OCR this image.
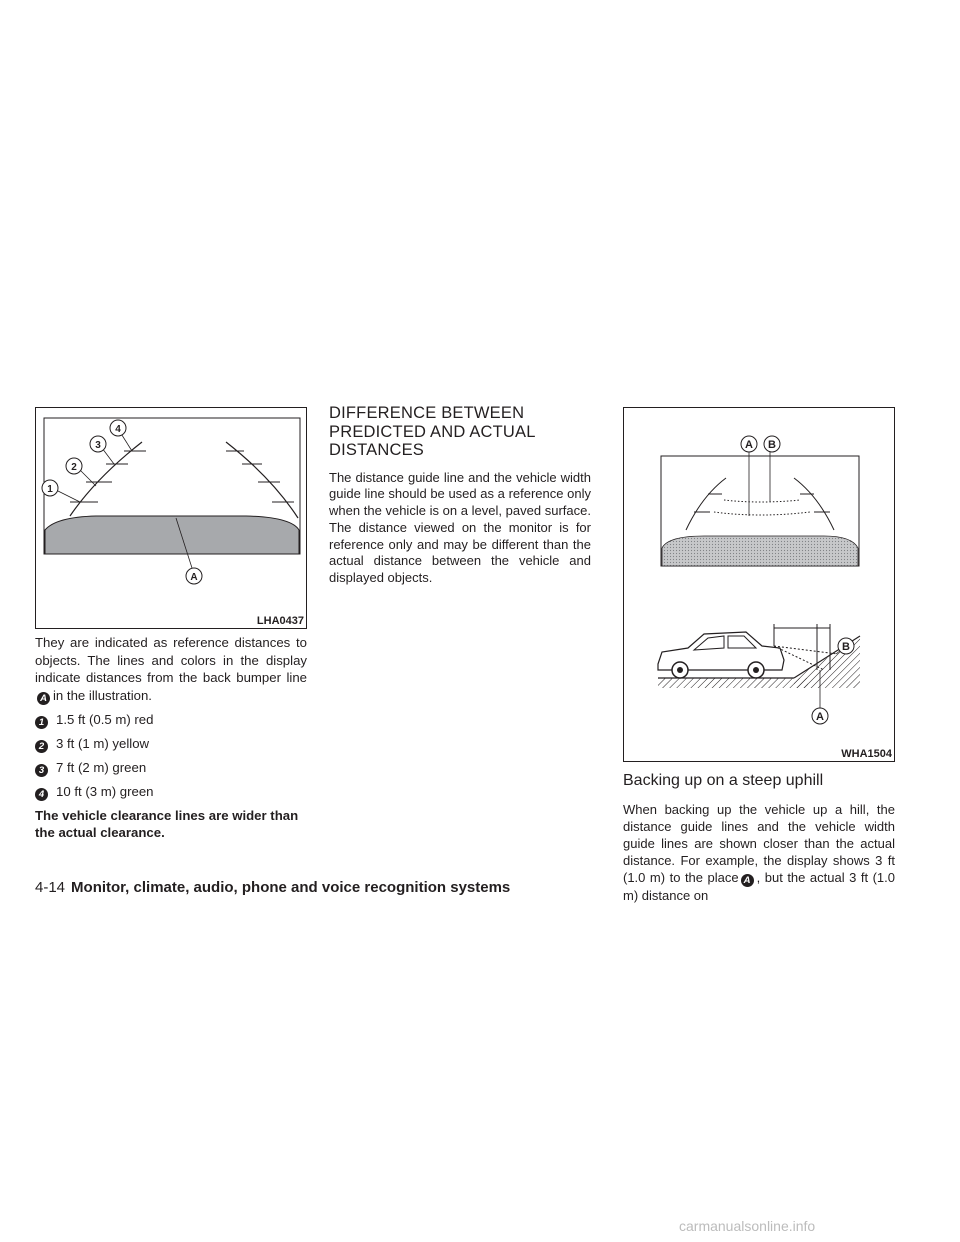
1
2
3
4
A
LHA0437

They are indicated as reference distances to objects. The lines and colors in the display indicate distances from the back bumper lineA in the illustration.

1 1.5 ft (0.5 m) red
2 3 ft (1 m) yellow
3 7 ft (2 m) green
4 10 ft (3 m) green

The vehicle clearance lines are wider than the actual clearance.

DIFFERENCE BETWEEN PREDICTED AND ACTUAL DISTANCES

The distance guide line and the vehicle width guide line should be used as a reference only when the vehicle is on a level, paved surface. The distance viewed on the monitor is for reference only and may be different than the actual distance between the vehicle and displayed objects.

A B
B
A
WHA1504
Backing up on a steep uphill

When backing up the vehicle up a hill, the distance guide lines and the vehicle width guide lines are shown closer than the actual distance. For example, the display shows 3 ft (1.0 m) to the place A , but the actual 3 ft (1.0 m) distance on

4-14 Monitor, climate, audio, phone and voice recognition systems
carmanualsonline.info
